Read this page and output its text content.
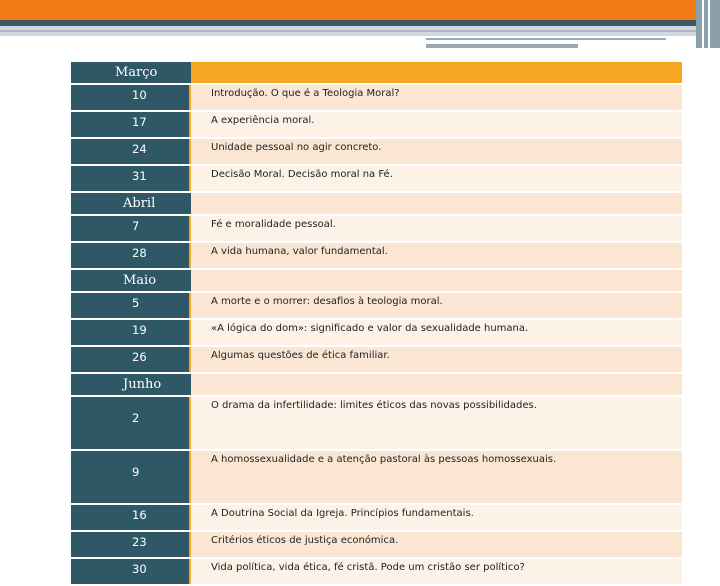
Março	
10	Introdução. O que é a Teologia Moral?
17	A experiência moral.
24	Unidade pessoal no agir concreto.
31	Decisão Moral. Decisão moral na Fé.
Abril	
7	Fé e moralidade pessoal.
28	A vida humana, valor fundamental.
Maio	
5	A morte e o morrer: desafios à teologia moral.
19	«A lógica do dom»: significado e valor da sexualidade humana.
26	Algumas questões de ética familiar.
Junho	
2	O drama da infertilidade: limites éticos das novas possibilidades.
9	A homossexualidade e a atenção pastoral às pessoas homossexuais.
16	A Doutrina Social da Igreja. Princípios fundamentais.
23	Critérios éticos de justiça económica.
30	Vida política, vida ética, fé cristã. Pode um cristão ser político?
